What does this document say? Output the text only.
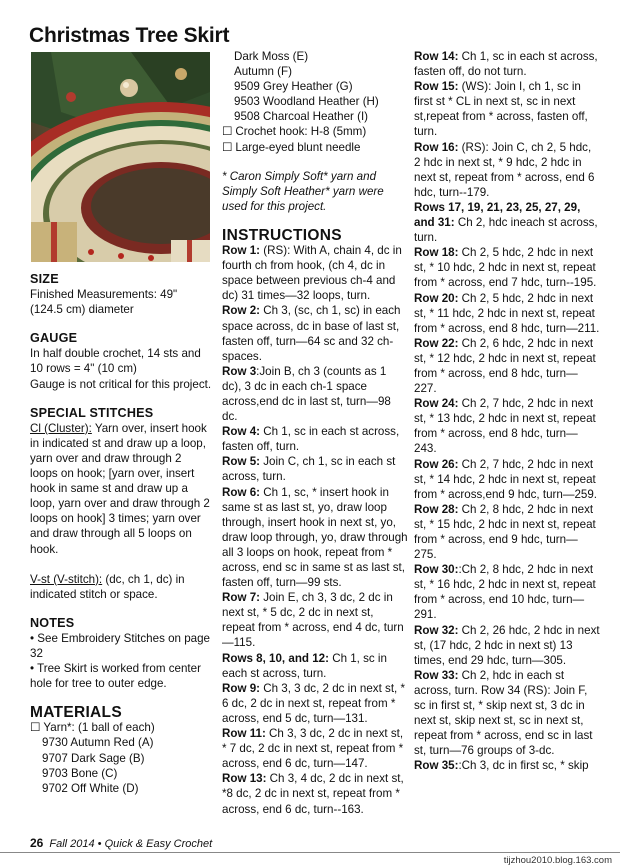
Christmas Tree Skirt

SIZE

Finished Measurements: 49" (124.5 cm) diameter

GAUGE

In half double crochet, 14 sts and 10 rows = 4" (10 cm)

Gauge is not critical for this project.

SPECIAL STITCHES

Cl (Cluster): Yarn over, insert hook in indicated st and draw up a loop, yarn over and draw through 2 loops on hook; [yarn over, insert hook in same st and draw up a loop, yarn over and draw through 2 loops on hook] 3 times; yarn over and draw through all 5 loops on hook.

V-st (V-stitch): (dc, ch 1, dc) in indicated stitch or space.

NOTES

• See Embroidery Stitches on page 32

• Tree Skirt is worked from center hole for tree to outer edge.

MATERIALS

☐ Yarn*: (1 ball of each)

9730 Autumn Red (A)

9707 Dark Sage (B)

9703 Bone (C)

9702 Off White (D)

Dark Moss (E)

Autumn (F)

9509 Grey Heather (G)

9503 Woodland Heather (H)

9508 Charcoal Heather (I)

☐ Crochet hook: H-8 (5mm)

☐ Large-eyed blunt needle

* Caron Simply Soft* yarn and Simply Soft Heather* yarn were used for this project.

INSTRUCTIONS

Row 1: (RS): With A, chain 4, dc in fourth ch from hook, (ch 4, dc in space between previous ch-4 and dc) 31 times—32 loops, turn.

Row 2: Ch 3, (sc, ch 1, sc) in each space across, dc in base of last st, fasten off, turn—64 sc and 32 ch-spaces.

Row 3:Join B, ch 3 (counts as 1 dc), 3 dc in each ch-1 space across,end dc in last st, turn—98 dc.

Row 4: Ch 1, sc in each st across, fasten off, turn.

Row 5: Join C, ch 1, sc in each st across, turn.

Row 6: Ch 1, sc, * insert hook in same st as last st, yo, draw loop through, insert hook in next st, yo, draw loop through, yo, draw through all 3 loops on hook, repeat from * across, end sc in same st as last st, fasten off, turn—99 sts.

Row 7: Join E, ch 3, 3 dc, 2 dc in next st, * 5 dc, 2 dc in next st, repeat from * across, end 4 dc, turn—115.

Rows 8, 10, and 12: Ch 1, sc in each st across, turn.

Row 9: Ch 3, 3 dc, 2 dc in next st, * 6 dc, 2 dc in next st, repeat from * across, end 5 dc, turn—131.

Row 11: Ch 3, 3 dc, 2 dc in next st, * 7 dc, 2 dc in next st, repeat from * across, end 6 dc, turn—147.

Row 13: Ch 3, 4 dc, 2 dc in next st, *8 dc, 2 dc in next st, repeat from * across, end 6 dc, turn--163.

Row 14: Ch 1, sc in each st across, fasten off, do not turn.

Row 15: (WS): Join I, ch 1, sc in first st * CL in next st, sc in next st,repeat from * across, fasten off, turn.

Row 16: (RS): Join C, ch 2, 5 hdc, 2 hdc in next st, * 9 hdc, 2 hdc in next st, repeat from * across, end 6 hdc, turn--179.

Rows 17, 19, 21, 23, 25, 27, 29, and 31: Ch 2, hdc ineach st across, turn.

Row 18: Ch 2, 5 hdc, 2 hdc in next st, * 10 hdc, 2 hdc in next st, repeat from * across, end 7 hdc, turn--195.

Row 20: Ch 2, 5 hdc, 2 hdc in next st, * 11 hdc, 2 hdc in next st, repeat from * across, end 8 hdc, turn—211.

Row 22: Ch 2, 6 hdc, 2 hdc in next st, * 12 hdc, 2 hdc in next st, repeat from * across, end 8 hdc, turn—227.

Row 24: Ch 2, 7 hdc, 2 hdc in next st, * 13 hdc, 2 hdc in next st, repeat from * across, end 8 hdc, turn—243.

Row 26: Ch 2, 7 hdc, 2 hdc in next st, * 14 hdc, 2 hdc in next st, repeat from * across,end 9 hdc, turn—259.

Row 28: Ch 2, 8 hdc, 2 hdc in next st, * 15 hdc, 2 hdc in next st, repeat from * across, end 9 hdc, turn—275.

Row 30::Ch 2, 8 hdc, 2 hdc in next st, * 16 hdc, 2 hdc in next st, repeat from * across, end 10 hdc, turn—291.

Row 32: Ch 2, 26 hdc, 2 hdc in next st, (17 hdc, 2 hdc in next st) 13 times, end 29 hdc, turn—305.

Row 33: Ch 2, hdc in each st across, turn. Row 34 (RS): Join F, sc in first st, * skip next st, 3 dc in next st, skip next st, sc in next st, repeat from * across, end sc in last st, turn—76 groups of 3-dc.

Row 35::Ch 3, dc in first sc, * skip

26 Fall 2014 • Quick & Easy Crochet
tijzhou2010.blog.163.com
